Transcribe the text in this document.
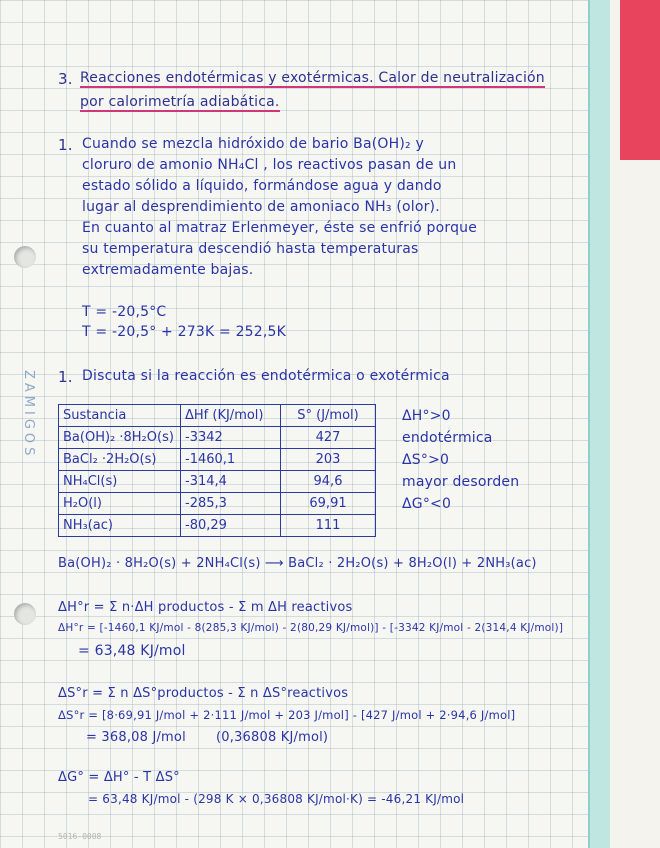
ZAMIGOS
5016-0008
3. Reacciones endotérmicas y exotérmicas. Calor de neutralización
por calorimetría adiabática.
1. Cuando se mezcla hidróxido de bario Ba(OH)₂ y
cloruro de amonio NH₄Cl , los reactivos pasan de un
estado sólido a líquido, formándose agua y dando
lugar al desprendimiento de amoniaco NH₃ (olor).
En cuanto al matraz Erlenmeyer, éste se enfrió porque
su temperatura descendió hasta temperaturas
extremadamente bajas.
T = -20,5°C
T = -20,5° + 273K = 252,5K
1. Discuta si la reacción es endotérmica o exotérmica
Sustancia	ΔHf (KJ/mol)	S° (J/mol)
Ba(OH)₂ ·8H₂O(s)	-3342	427
BaCl₂ ·2H₂O(s)	-1460,1	203
NH₄Cl(s)	-314,4	94,6
H₂O(l)	-285,3	69,91
NH₃(ac)	-80,29	111
ΔH°>0
endotérmica
ΔS°>0
mayor desorden
ΔG°<0
Ba(OH)₂ · 8H₂O(s) + 2NH₄Cl(s) ⟶ BaCl₂ · 2H₂O(s) + 8H₂O(l) + 2NH₃(ac)
ΔH°r = Σ n·ΔH productos - Σ m ΔH reactivos
ΔH°r = [-1460,1 KJ/mol - 8(285,3 KJ/mol) - 2(80,29 KJ/mol)] - [-3342 KJ/mol - 2(314,4 KJ/mol)]
= 63,48 KJ/mol
ΔS°r = Σ n ΔS°productos - Σ n ΔS°reactivos
ΔS°r = [8·69,91 J/mol + 2·111 J/mol + 203 J/mol] - [427 J/mol + 2·94,6 J/mol]
= 368,08 J/mol (0,36808 KJ/mol)
ΔG° = ΔH° - T ΔS°
= 63,48 KJ/mol - (298 K × 0,36808 KJ/mol·K) = -46,21 KJ/mol
